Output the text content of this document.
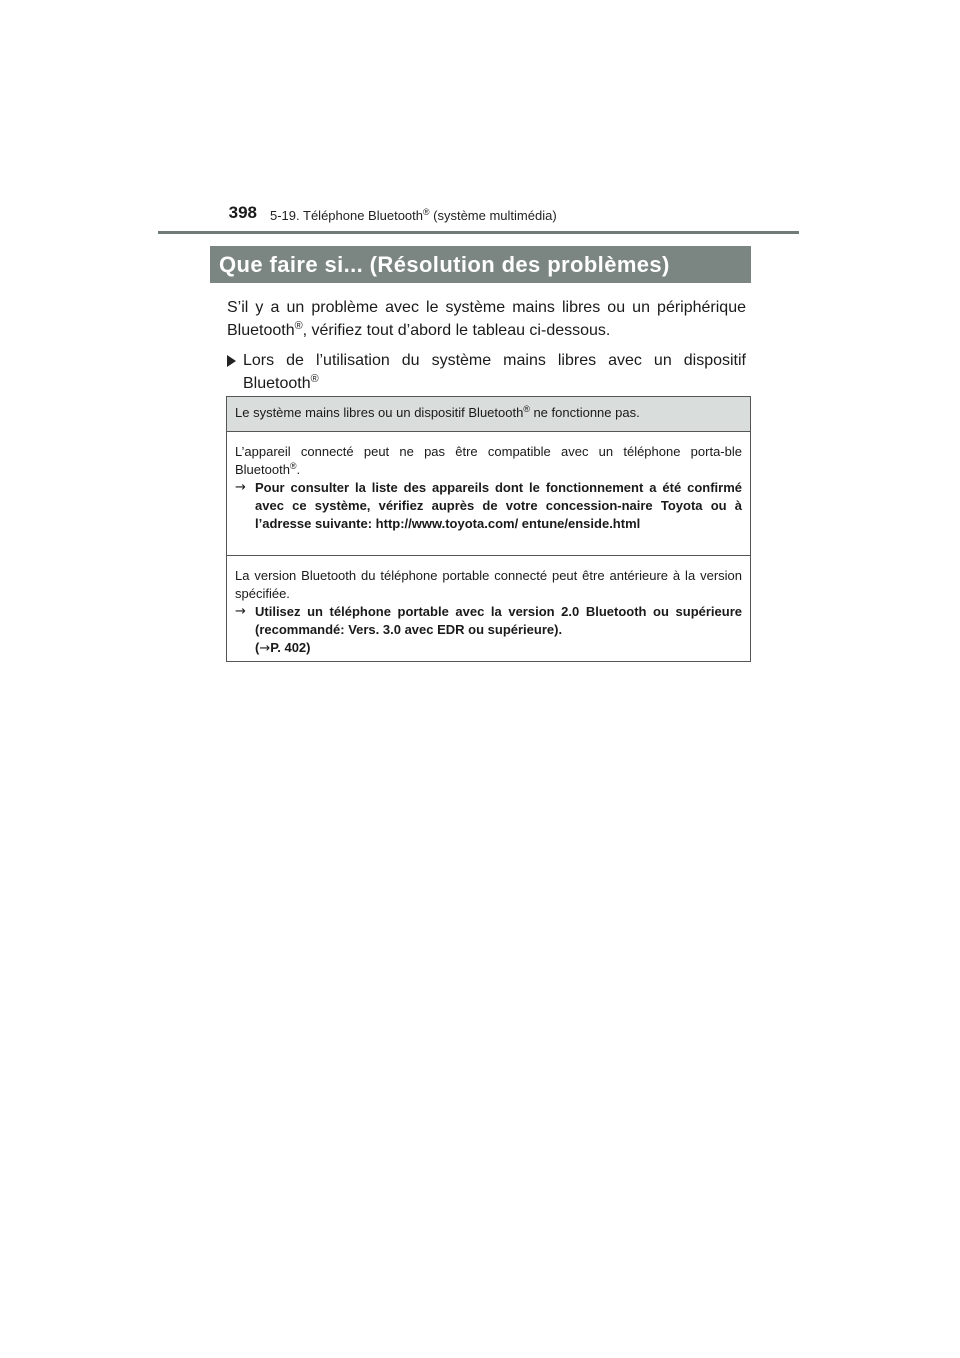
398 5-19. Téléphone Bluetooth® (système multimédia)
Que faire si... (Résolution des problèmes)

S’il y a un problème avec le système mains libres ou un périphérique Bluetooth®, vérifiez tout d’abord le tableau ci-dessous.

Lors de l’utilisation du système mains libres avec un dispositif Bluetooth®
Le système mains libres ou un dispositif Bluetooth® ne fonctionne pas.
L’appareil connecté peut ne pas être compatible avec un téléphone porta-ble Bluetooth®.
→ Pour consulter la liste des appareils dont le fonctionnement a été confirmé avec ce système, vérifiez auprès de votre concession-naire Toyota ou à l’adresse suivante: http://www.toyota.com/ entune/enside.html
La version Bluetooth du téléphone portable connecté peut être antérieure à la version spécifiée.
→ Utilisez un téléphone portable avec la version 2.0 Bluetooth ou supérieure (recommandé: Vers. 3.0 avec EDR ou supérieure).
(→P. 402)
